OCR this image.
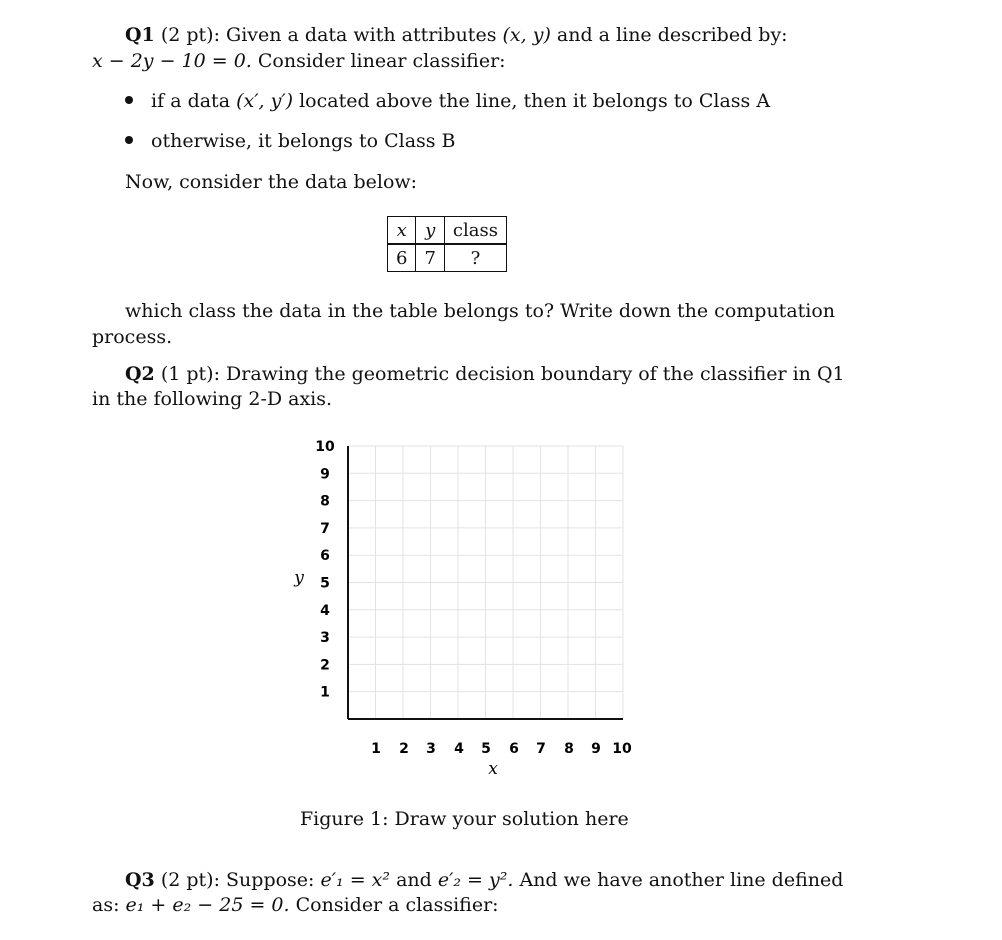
Q1 (2 pt): Given a data with attributes (x, y) and a line described by:
x − 2y − 10 = 0. Consider linear classifier:
if a data (x′, y′) located above the line, then it belongs to Class A
otherwise, it belongs to Class B
Now, consider the data below:
x	y	class
6	7	?
which class the data in the table belongs to? Write down the computation
process.
Q2 (1 pt): Drawing the geometric decision boundary of the classifier in Q1
in the following 2-D axis.
10
9
8
7
6
5
4
3
2
1
1 2 3 4 5 6 7 8 9 10
y
x
Figure 1: Draw your solution here
Q3 (2 pt): Suppose: e′₁ = x² and e′₂ = y². And we have another line defined
as: e₁ + e₂ − 25 = 0. Consider a classifier:
